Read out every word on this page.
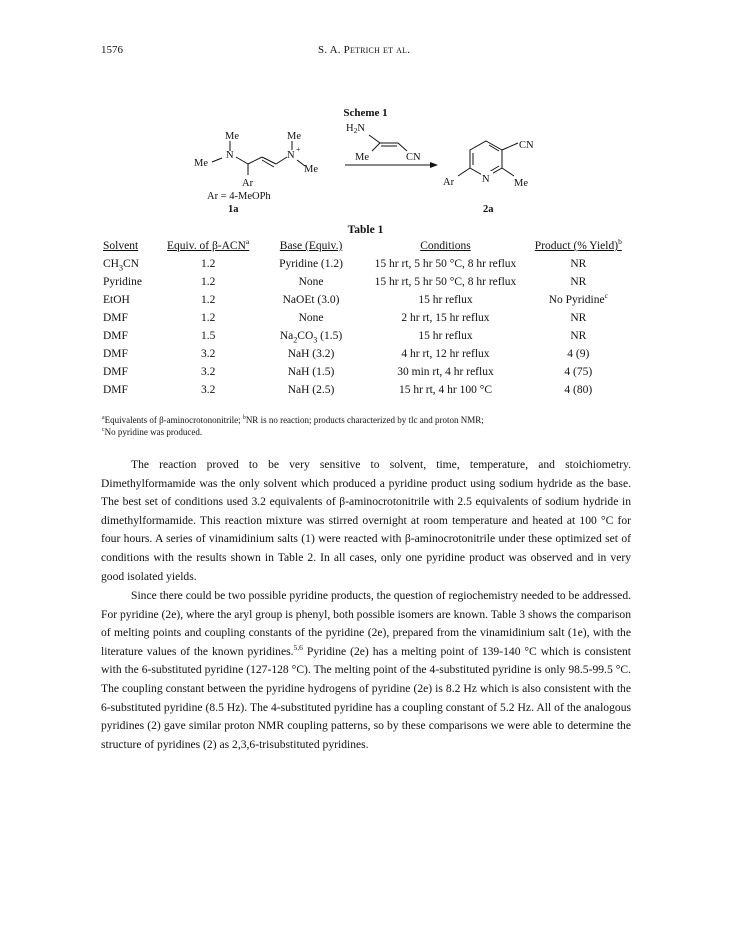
1576	S. A. Petrich et al.
Scheme 1
Me
N
Me
Me
N
+
Me
Ar
Ar = 4-MeOPh
1a
H2N
Me	CN
CN
Ar	N Me
2a
Table 1
Solvent	Equiv. of β-ACN$^a$	Base (Equiv.)	Conditions	Product (% Yield)$^b$
$CH_3CN$	1.2	Pyridine (1.2)	15 hr rt, 5 hr 50 °C, 8 hr reflux	NR
Pyridine	1.2	None	15 hr rt, 5 hr 50 °C, 8 hr reflux	NR
EtOH	1.2	NaOEt (3.0)	15 hr reflux	No Pyridine$^c$
DMF	1.2	None	2 hr rt, 15 hr reflux	NR
DMF	1.5	$Na_2CO_3$ (1.5)	15 hr reflux	NR
DMF	3.2	NaH (3.2)	4 hr rt, 12 hr reflux	4 (9)
DMF	3.2	NaH (1.5)	30 min rt, 4 hr reflux	4 (75)
DMF	3.2	NaH (2.5)	15 hr rt, 4 hr 100 °C	4 (80)
$^a$Equivalents of β-aminocrotononitrile; $^b$NR is no reaction; products characterized by tlc and proton NMR;
$^c$No pyridine was produced.

The reaction proved to be very sensitive to solvent, time, temperature, and stoichiometry. Dimethylformamide was the only solvent which produced a pyridine product using sodium hydride as the base. The best set of conditions used 3.2 equivalents of β-aminocrotonitrile with 2.5 equivalents of sodium hydride in dimethylformamide. This reaction mixture was stirred overnight at room temperature and heated at 100 °C for four hours. A series of vinamidinium salts (1) were reacted with β-aminocrotonitrile under these optimized set of conditions with the results shown in Table 2. In all cases, only one pyridine product was observed and in very good isolated yields.

Since there could be two possible pyridine products, the question of regiochemistry needed to be addressed. For pyridine (2e), where the aryl group is phenyl, both possible isomers are known. Table 3 shows the comparison of melting points and coupling constants of the pyridine (2e), prepared from the vinamidinium salt (1e), with the literature values of the known pyridines.$^{5,6}$ Pyridine (2e) has a melting point of 139-140 °C which is consistent with the 6-substituted pyridine (127-128 °C). The melting point of the 4-substituted pyridine is only 98.5-99.5 °C. The coupling constant between the pyridine hydrogens of pyridine (2e) is 8.2 Hz which is also consistent with the 6-substituted pyridine (8.5 Hz). The 4-substituted pyridine has a coupling constant of 5.2 Hz. All of the analogous pyridines (2) gave similar proton NMR coupling patterns, so by these comparisons we were able to determine the structure of pyridines (2) as 2,3,6-trisubstituted pyridines.
